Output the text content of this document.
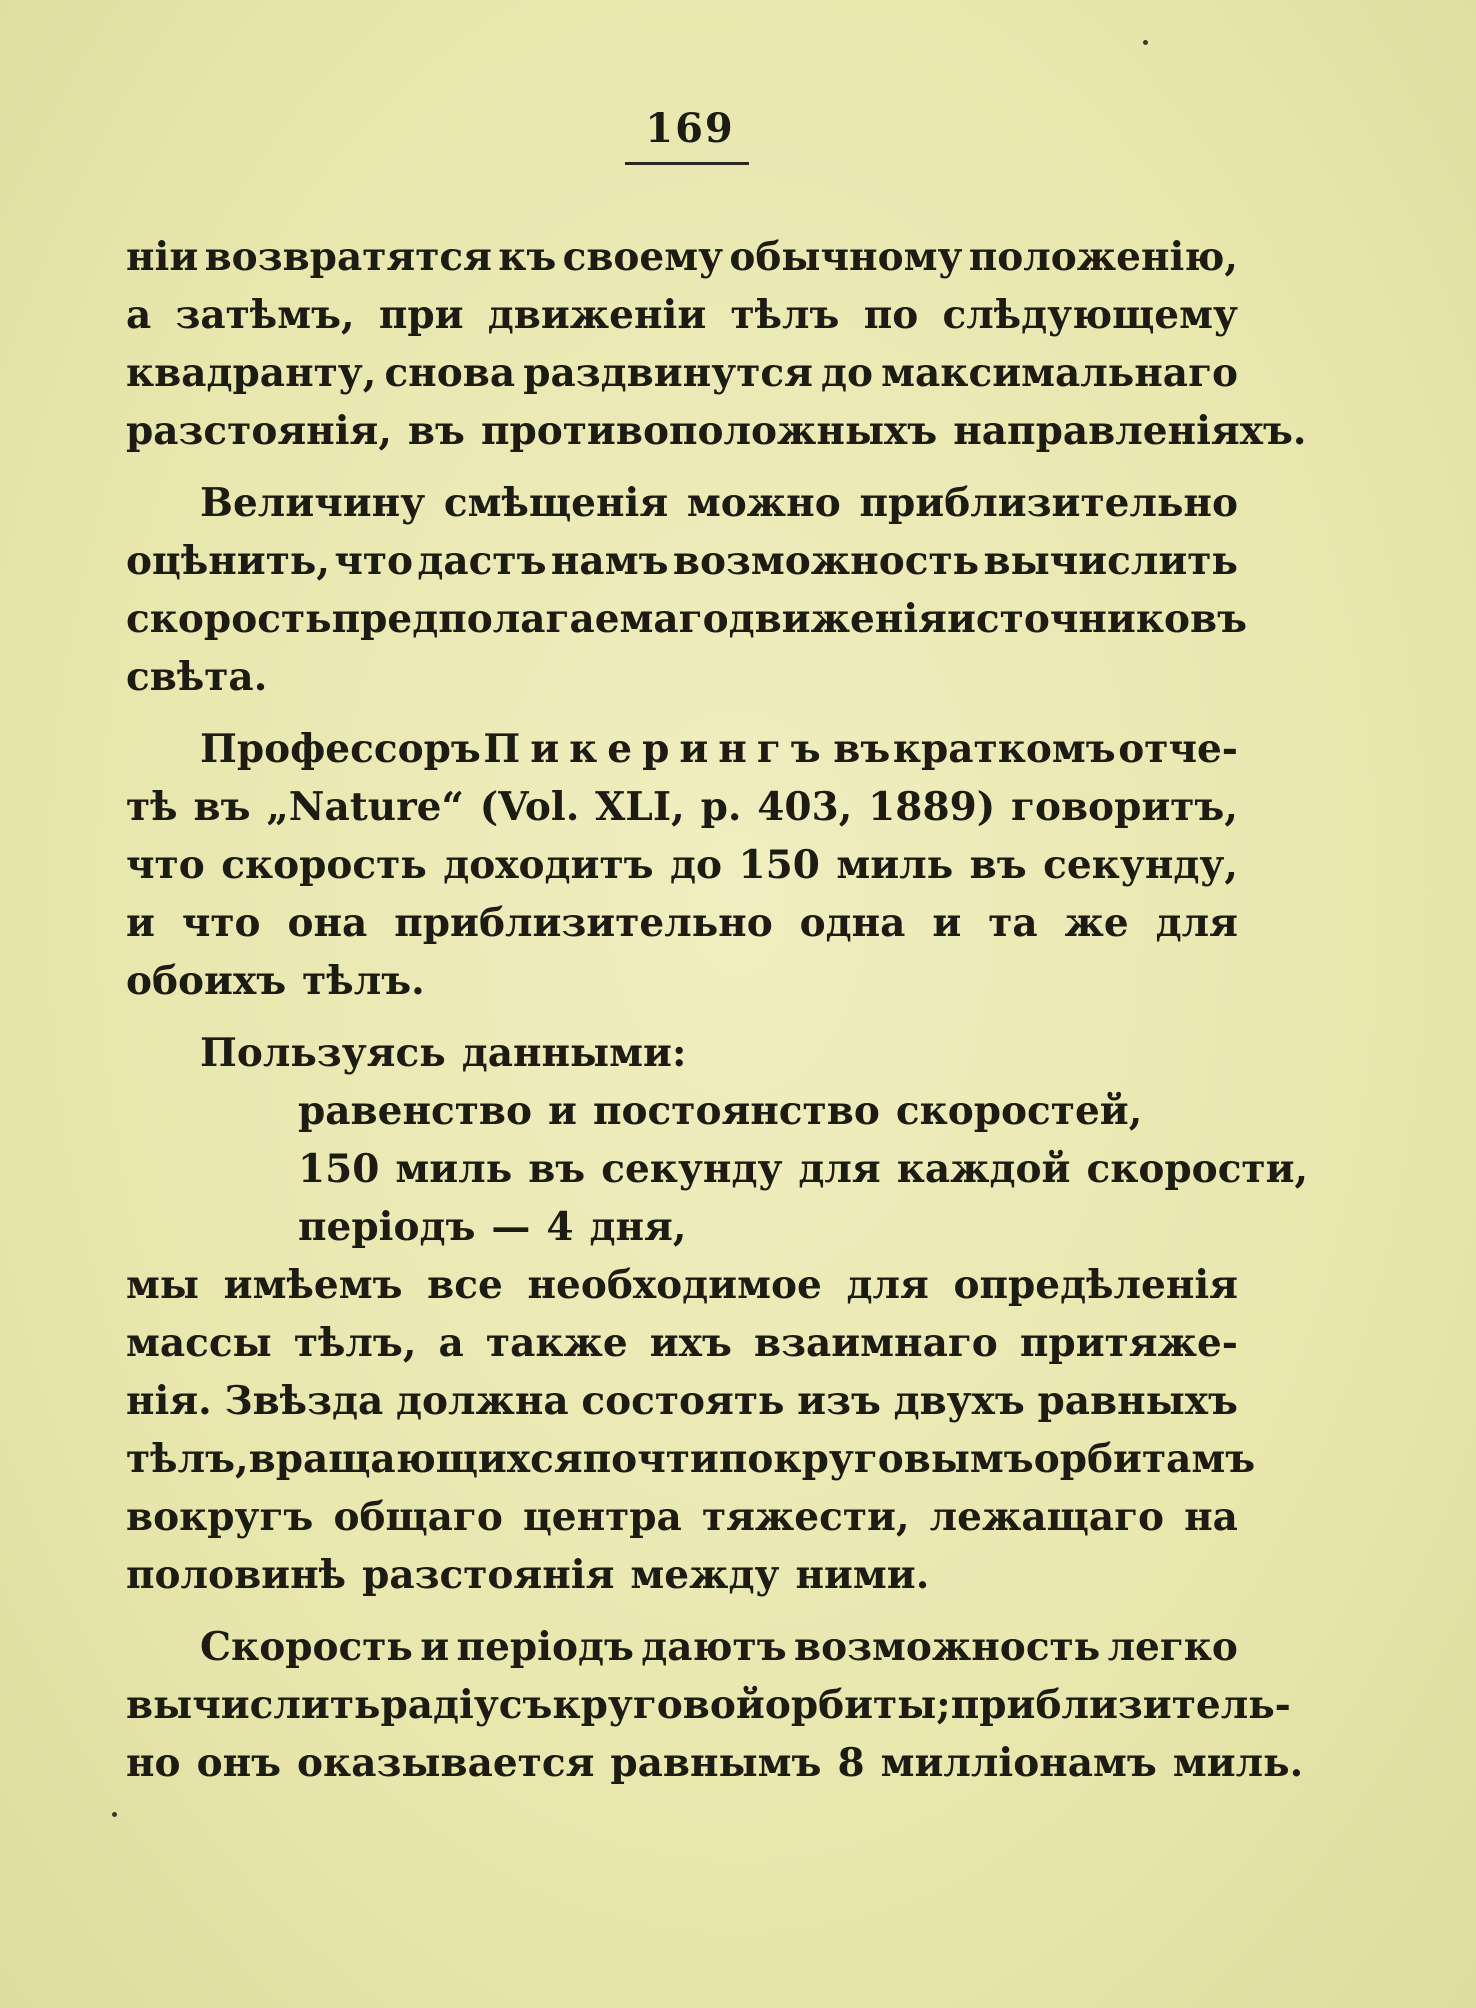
169
нiи возвратятся къ своему обычному положенiю,
а затѣмъ, при движенiи тѣлъ по слѣдующему
квадранту, снова раздвинутся до максимальнаго
разстоянiя, въ противоположныхъ направленiяхъ.
Величину смѣщенiя можно приблизительно
оцѣнить, что дастъ намъ возможность вычислить
скорость предполагаемаго движенiя источниковъ
свѣта.
Профессоръ Пикерингъ въ краткомъ отче-
тѣ въ „Nature“ (Vol. XLI, p. 403, 1889) говоритъ,
что скорость доходитъ до 150 миль въ секунду,
и что она приблизительно одна и та же для
обоихъ тѣлъ.
Пользуясь данными:
равенство и постоянство скоростей,
150 миль въ секунду для каждой скорости,
перiодъ — 4 дня,
мы имѣемъ все необходимое для опредѣленiя
массы тѣлъ, а также ихъ взаимнаго притяже-
нiя. Звѣзда должна состоять изъ двухъ равныхъ
тѣлъ, вращающихся почти по круговымъ орбитамъ
вокругъ общаго центра тяжести, лежащаго на
половинѣ разстоянiя между ними.
Скорость и перiодъ даютъ возможность легко
вычислить радiусъ круговой орбиты; приблизитель-
но онъ оказывается равнымъ 8 миллiонамъ миль.
